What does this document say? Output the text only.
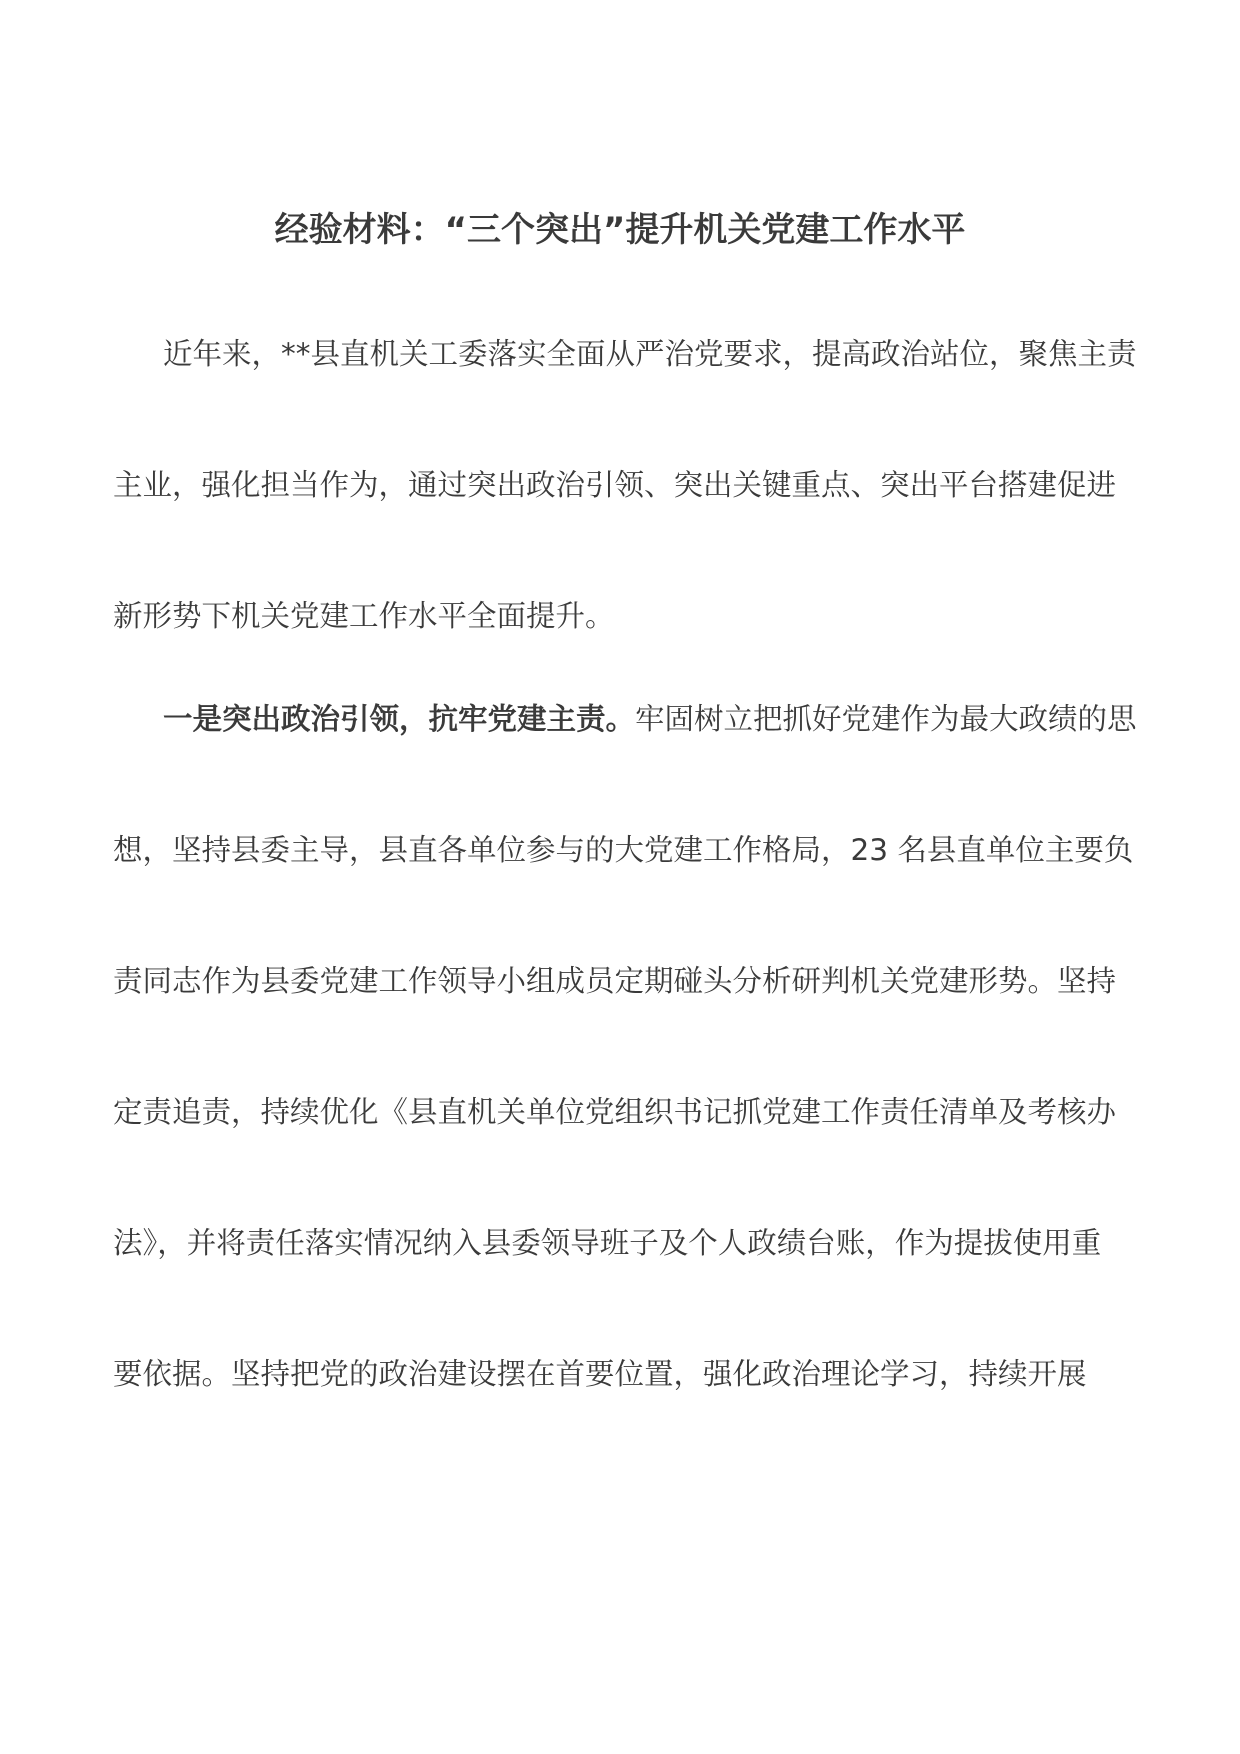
经验材料：“三个突出”提升机关党建工作水平
近年来，**县直机关工委落实全面从严治党要求，提高政治站位，聚焦主责
主业，强化担当作为，通过突出政治引领、突出关键重点、突出平台搭建促进
新形势下机关党建工作水平全面提升。
一是突出政治引领，抗牢党建主责。牢固树立把抓好党建作为最大政绩的思
想，坚持县委主导，县直各单位参与的大党建工作格局，23 名县直单位主要负
责同志作为县委党建工作领导小组成员定期碰头分析研判机关党建形势。坚持
定责追责，持续优化《县直机关单位党组织书记抓党建工作责任清单及考核办
法》，并将责任落实情况纳入县委领导班子及个人政绩台账，作为提拔使用重
要依据。坚持把党的政治建设摆在首要位置，强化政治理论学习，持续开展
